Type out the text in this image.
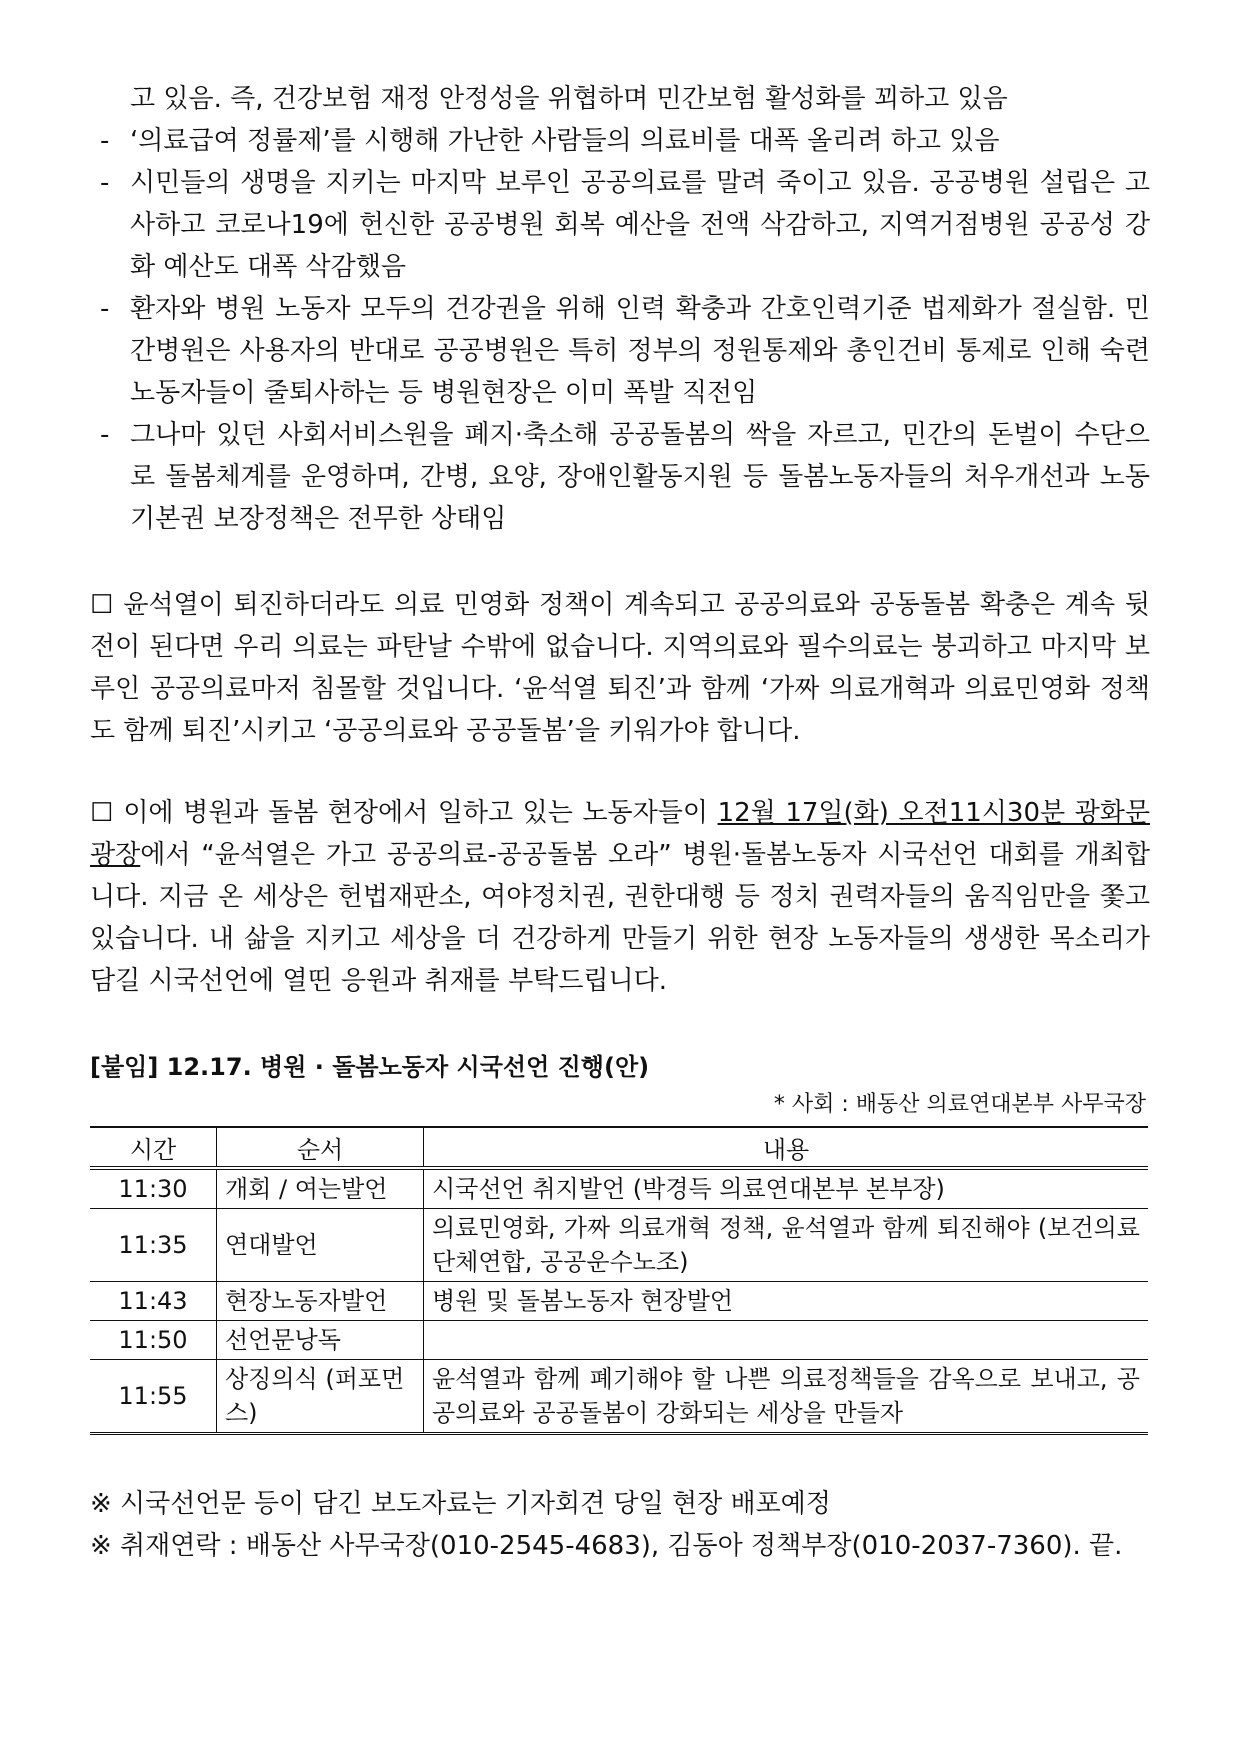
고 있음. 즉, 건강보험 재정 안정성을 위협하며 민간보험 활성화를 꾀하고 있음
- ‘의료급여 정률제’를 시행해 가난한 사람들의 의료비를 대폭 올리려 하고 있음
- 시민들의 생명을 지키는 마지막 보루인 공공의료를 말려 죽이고 있음. 공공병원 설립은 고사하고 코로나19에 헌신한 공공병원 회복 예산을 전액 삭감하고, 지역거점병원 공공성 강화 예산도 대폭 삭감했음
- 환자와 병원 노동자 모두의 건강권을 위해 인력 확충과 간호인력기준 법제화가 절실함. 민간병원은 사용자의 반대로 공공병원은 특히 정부의 정원통제와 총인건비 통제로 인해 숙련노동자들이 줄퇴사하는 등 병원현장은 이미 폭발 직전임
- 그나마 있던 사회서비스원을 폐지·축소해 공공돌봄의 싹을 자르고, 민간의 돈벌이 수단으로 돌봄체계를 운영하며, 간병, 요양, 장애인활동지원 등 돌봄노동자들의 처우개선과 노동기본권 보장정책은 전무한 상태임

☐ 윤석열이 퇴진하더라도 의료 민영화 정책이 계속되고 공공의료와 공동돌봄 확충은 계속 뒷전이 된다면 우리 의료는 파탄날 수밖에 없습니다. 지역의료와 필수의료는 붕괴하고 마지막 보루인 공공의료마저 침몰할 것입니다. ‘윤석열 퇴진’과 함께 ‘가짜 의료개혁과 의료민영화 정책도 함께 퇴진’시키고 ‘공공의료와 공공돌봄’을 키워가야 합니다.

☐ 이에 병원과 돌봄 현장에서 일하고 있는 노동자들이 12월 17일(화) 오전11시30분 광화문광장에서 “윤석열은 가고 공공의료-공공돌봄 오라” 병원·돌봄노동자 시국선언 대회를 개최합니다. 지금 온 세상은 헌법재판소, 여야정치권, 권한대행 등 정치 권력자들의 움직임만을 쫓고 있습니다. 내 삶을 지키고 세상을 더 건강하게 만들기 위한 현장 노동자들의 생생한 목소리가 담길 시국선언에 열띤 응원과 취재를 부탁드립니다.

[붙임] 12.17. 병원 · 돌봄노동자 시국선언 진행(안)
* 사회 : 배동산 의료연대본부 사무국장
시간	순서	내용
11:30	개회 / 여는발언	시국선언 취지발언 (박경득 의료연대본부 본부장)
11:35	연대발언	의료민영화, 가짜 의료개혁 정책, 윤석열과 함께 퇴진해야 (보건의료단체연합, 공공운수노조)
11:43	현장노동자발언	병원 및 돌봄노동자 현장발언
11:50	선언문낭독	
11:55	상징의식 (퍼포먼스)	윤석열과 함께 폐기해야 할 나쁜 의료정책들을 감옥으로 보내고, 공공의료와 공공돌봄이 강화되는 세상을 만들자
※ 시국선언문 등이 담긴 보도자료는 기자회견 당일 현장 배포예정
※ 취재연락 : 배동산 사무국장(010-2545-4683), 김동아 정책부장(010-2037-7360). 끝.
